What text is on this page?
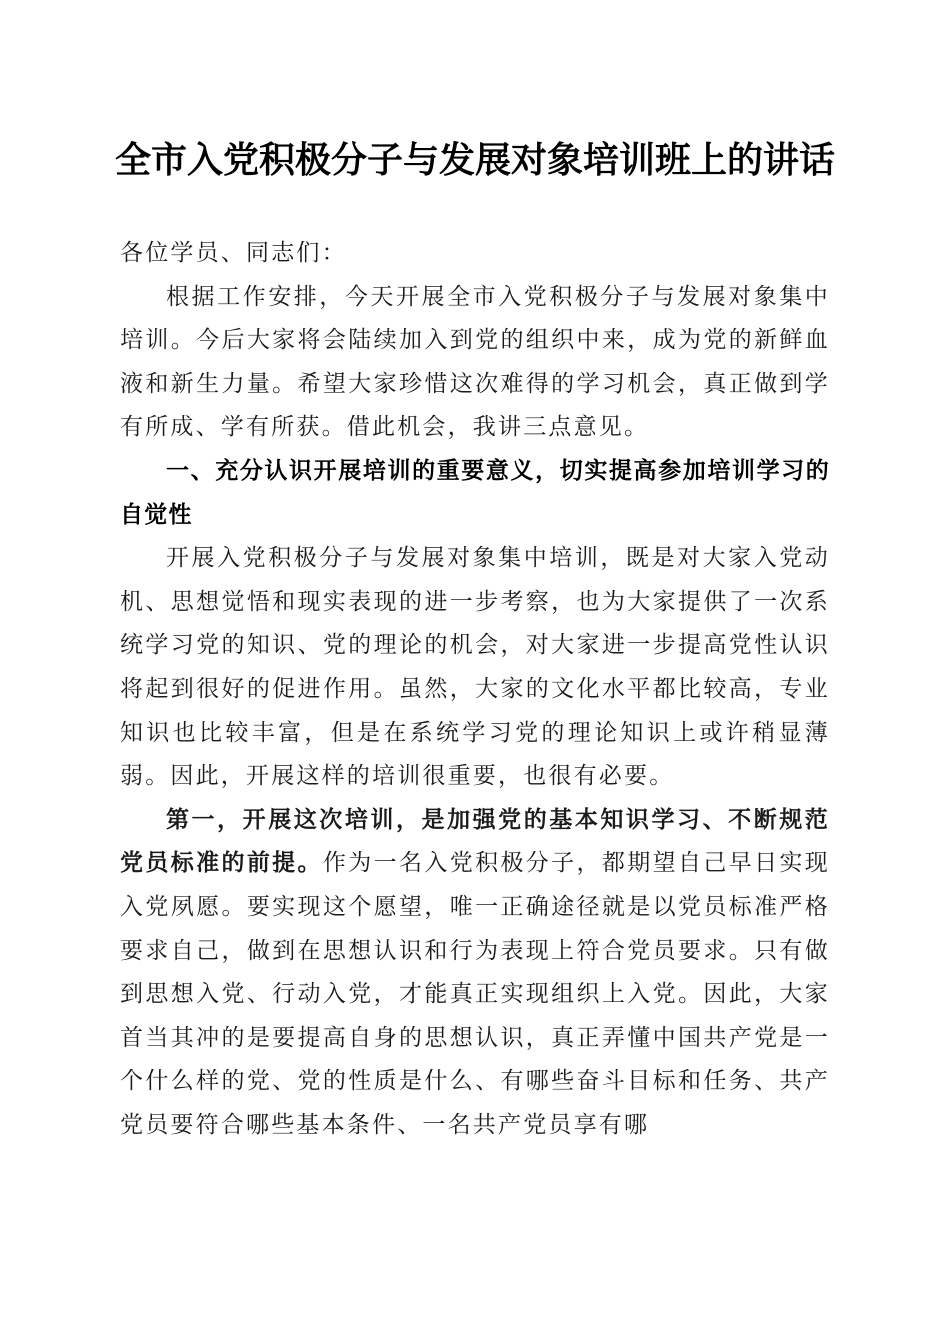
全市入党积极分子与发展对象培训班上的讲话

各位学员、同志们：

根据工作安排，今天开展全市入党积极分子与发展对象集中培训。今后大家将会陆续加入到党的组织中来，成为党的新鲜血液和新生力量。希望大家珍惜这次难得的学习机会，真正做到学有所成、学有所获。借此机会，我讲三点意见。

一、充分认识开展培训的重要意义，切实提高参加培训学习的自觉性

开展入党积极分子与发展对象集中培训，既是对大家入党动机、思想觉悟和现实表现的进一步考察，也为大家提供了一次系统学习党的知识、党的理论的机会，对大家进一步提高党性认识将起到很好的促进作用。虽然，大家的文化水平都比较高，专业知识也比较丰富，但是在系统学习党的理论知识上或许稍显薄弱。因此，开展这样的培训很重要，也很有必要。

第一，开展这次培训，是加强党的基本知识学习、不断规范党员标准的前提。作为一名入党积极分子，都期望自己早日实现入党夙愿。要实现这个愿望，唯一正确途径就是以党员标准严格要求自己，做到在思想认识和行为表现上符合党员要求。只有做到思想入党、行动入党，才能真正实现组织上入党。因此，大家首当其冲的是要提高自身的思想认识，真正弄懂中国共产党是一个什么样的党、党的性质是什么、有哪些奋斗目标和任务、共产党员要符合哪些基本条件、一名共产党员享有哪
